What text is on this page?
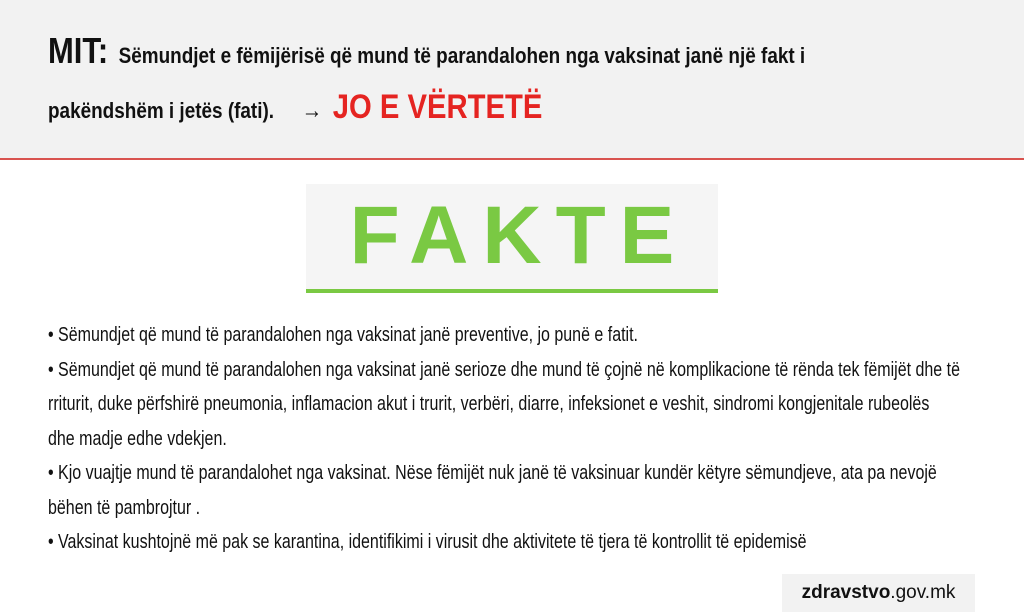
MIT: Sëmundjet e fëmijërisë që mund të parandalohen nga vaksinat janë një fakt i
pakëndshëm i jetës (fati). → JO E VËRTETË
FAKTE
• Sëmundjet që mund të parandalohen nga vaksinat janë preventive, jo punë e fatit.
• Sëmundjet që mund të parandalohen nga vaksinat janë serioze dhe mund të çojnë në komplikacione të rënda tek fëmijët dhe të rriturit, duke përfshirë pneumonia, inflamacion akut i trurit, verbëri, diarre, infeksionet e veshit, sindromi kongjenitale rubeolës dhe madje edhe vdekjen.
• Kjo vuajtje mund të parandalohet nga vaksinat. Nëse fëmijët nuk janë të vaksinuar kundër këtyre sëmundjeve, ata pa nevojë bëhen të pambrojtur .
• Vaksinat kushtojnë më pak se karantina, identifikimi i virusit dhe aktivitete të tjera të kontrollit të epidemisë
zdravstvo.gov.mk
